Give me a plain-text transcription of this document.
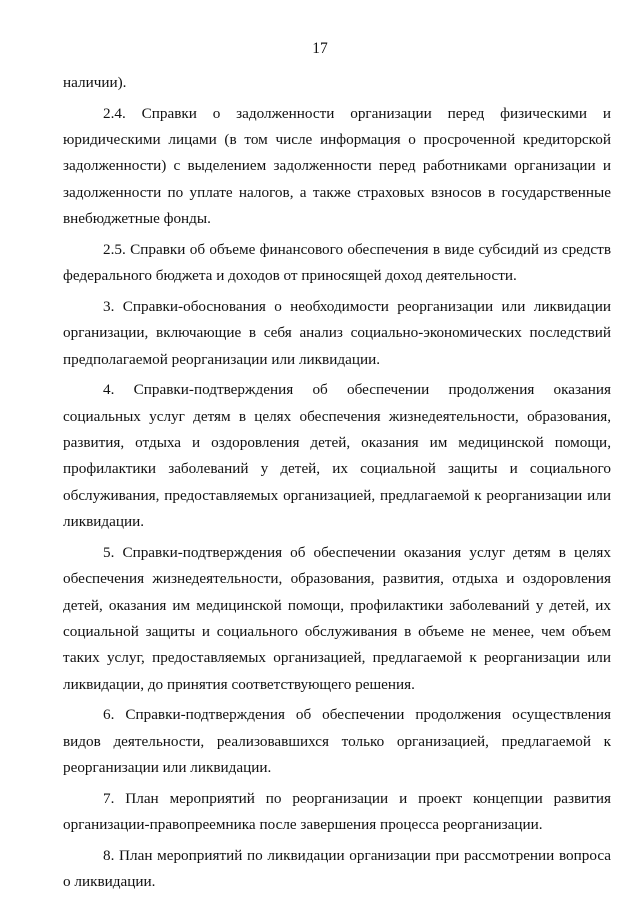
17

наличии).

2.4. Справки о задолженности организации перед физическими и юридическими лицами (в том числе информация о просроченной кредиторской задолженности) с выделением задолженности перед работниками организации и задолженности по уплате налогов, а также страховых взносов в государственные внебюджетные фонды.

2.5. Справки об объеме финансового обеспечения в виде субсидий из средств федерального бюджета и доходов от приносящей доход деятельности.

3. Справки-обоснования о необходимости реорганизации или ликвидации организации, включающие в себя анализ социально-экономических последствий предполагаемой реорганизации или ликвидации.

4. Справки-подтверждения об обеспечении продолжения оказания социальных услуг детям в целях обеспечения жизнедеятельности, образования, развития, отдыха и оздоровления детей, оказания им медицинской помощи, профилактики заболеваний у детей, их социальной защиты и социального обслуживания, предоставляемых организацией, предлагаемой к реорганизации или ликвидации.

5. Справки-подтверждения об обеспечении оказания услуг детям в целях обеспечения жизнедеятельности, образования, развития, отдыха и оздоровления детей, оказания им медицинской помощи, профилактики заболеваний у детей, их социальной защиты и социального обслуживания в объеме не менее, чем объем таких услуг, предоставляемых организацией, предлагаемой к реорганизации или ликвидации, до принятия соответствующего решения.

6. Справки-подтверждения об обеспечении продолжения осуществления видов деятельности, реализовавшихся только организацией, предлагаемой к реорганизации или ликвидации.

7. План мероприятий по реорганизации и проект концепции развития организации-правопреемника после завершения процесса реорганизации.

8. План мероприятий по ликвидации организации при рассмотрении вопроса о ликвидации.
